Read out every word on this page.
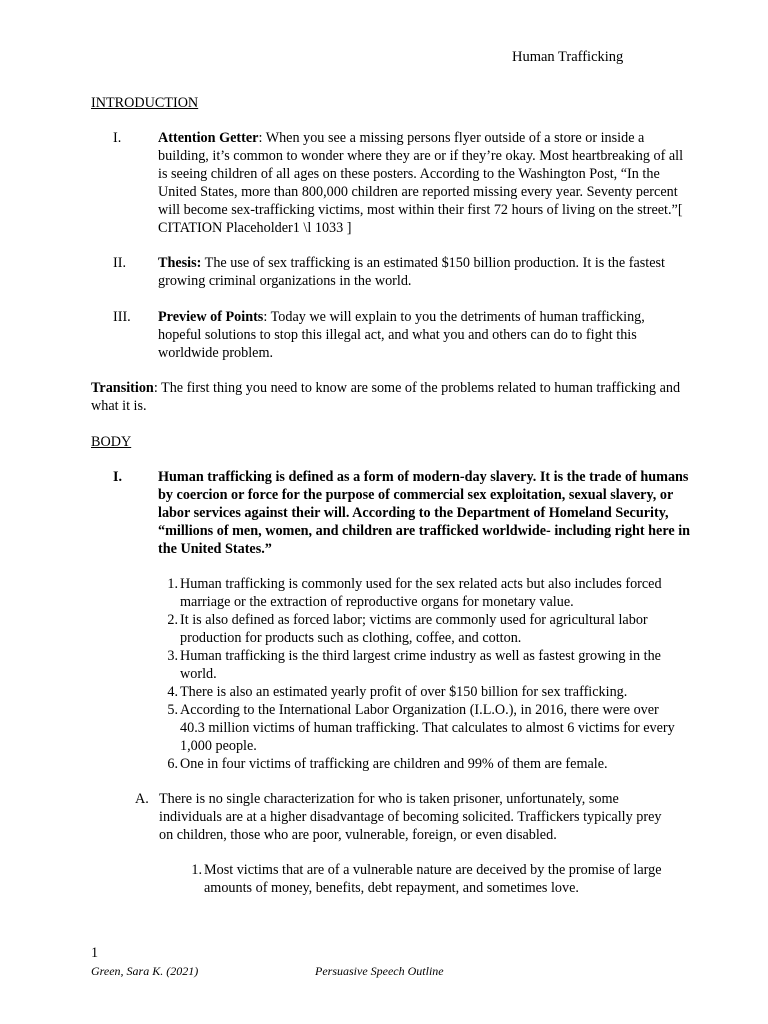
Human Trafficking
INTRODUCTION
I.	Attention Getter: When you see a missing persons flyer outside of a store or inside a building, it’s common to wonder where they are or if they’re okay. Most heartbreaking of all is seeing children of all ages on these posters. According to the Washington Post, “In the United States, more than 800,000 children are reported missing every year. Seventy percent will become sex-trafficking victims, most within their first 72 hours of living on the street.”[ CITATION Placeholder1 \l 1033 ]
II. Thesis: The use of sex trafficking is an estimated $150 billion production. It is the fastest growing criminal organizations in the world.
III. Preview of Points: Today we will explain to you the detriments of human trafficking, hopeful solutions to stop this illegal act, and what you and others can do to fight this worldwide problem.
Transition: The first thing you need to know are some of the problems related to human trafficking and what it is.
BODY
I.	Human trafficking is defined as a form of modern-day slavery. It is the trade of humans by coercion or force for the purpose of commercial sex exploitation, sexual slavery, or labor services against their will. According to the Department of Homeland Security, “millions of men, women, and children are trafficked worldwide- including right here in the United States.”
1. Human trafficking is commonly used for the sex related acts but also includes forced marriage or the extraction of reproductive organs for monetary value.
2. It is also defined as forced labor; victims are commonly used for agricultural labor production for products such as clothing, coffee, and cotton.
3. Human trafficking is the third largest crime industry as well as fastest growing in the world.
4. There is also an estimated yearly profit of over $150 billion for sex trafficking.
5. According to the International Labor Organization (I.L.O.), in 2016, there were over 40.3 million victims of human trafficking. That calculates to almost 6 victims for every 1,000 people.
6. One in four victims of trafficking are children and 99% of them are female.
A. There is no single characterization for who is taken prisoner, unfortunately, some individuals are at a higher disadvantage of becoming solicited. Traffickers typically prey on children, those who are poor, vulnerable, foreign, or even disabled.
1. Most victims that are of a vulnerable nature are deceived by the promise of large amounts of money, benefits, debt repayment, and sometimes love.
1
Green, Sara K. (2021)	Persuasive Speech Outline
